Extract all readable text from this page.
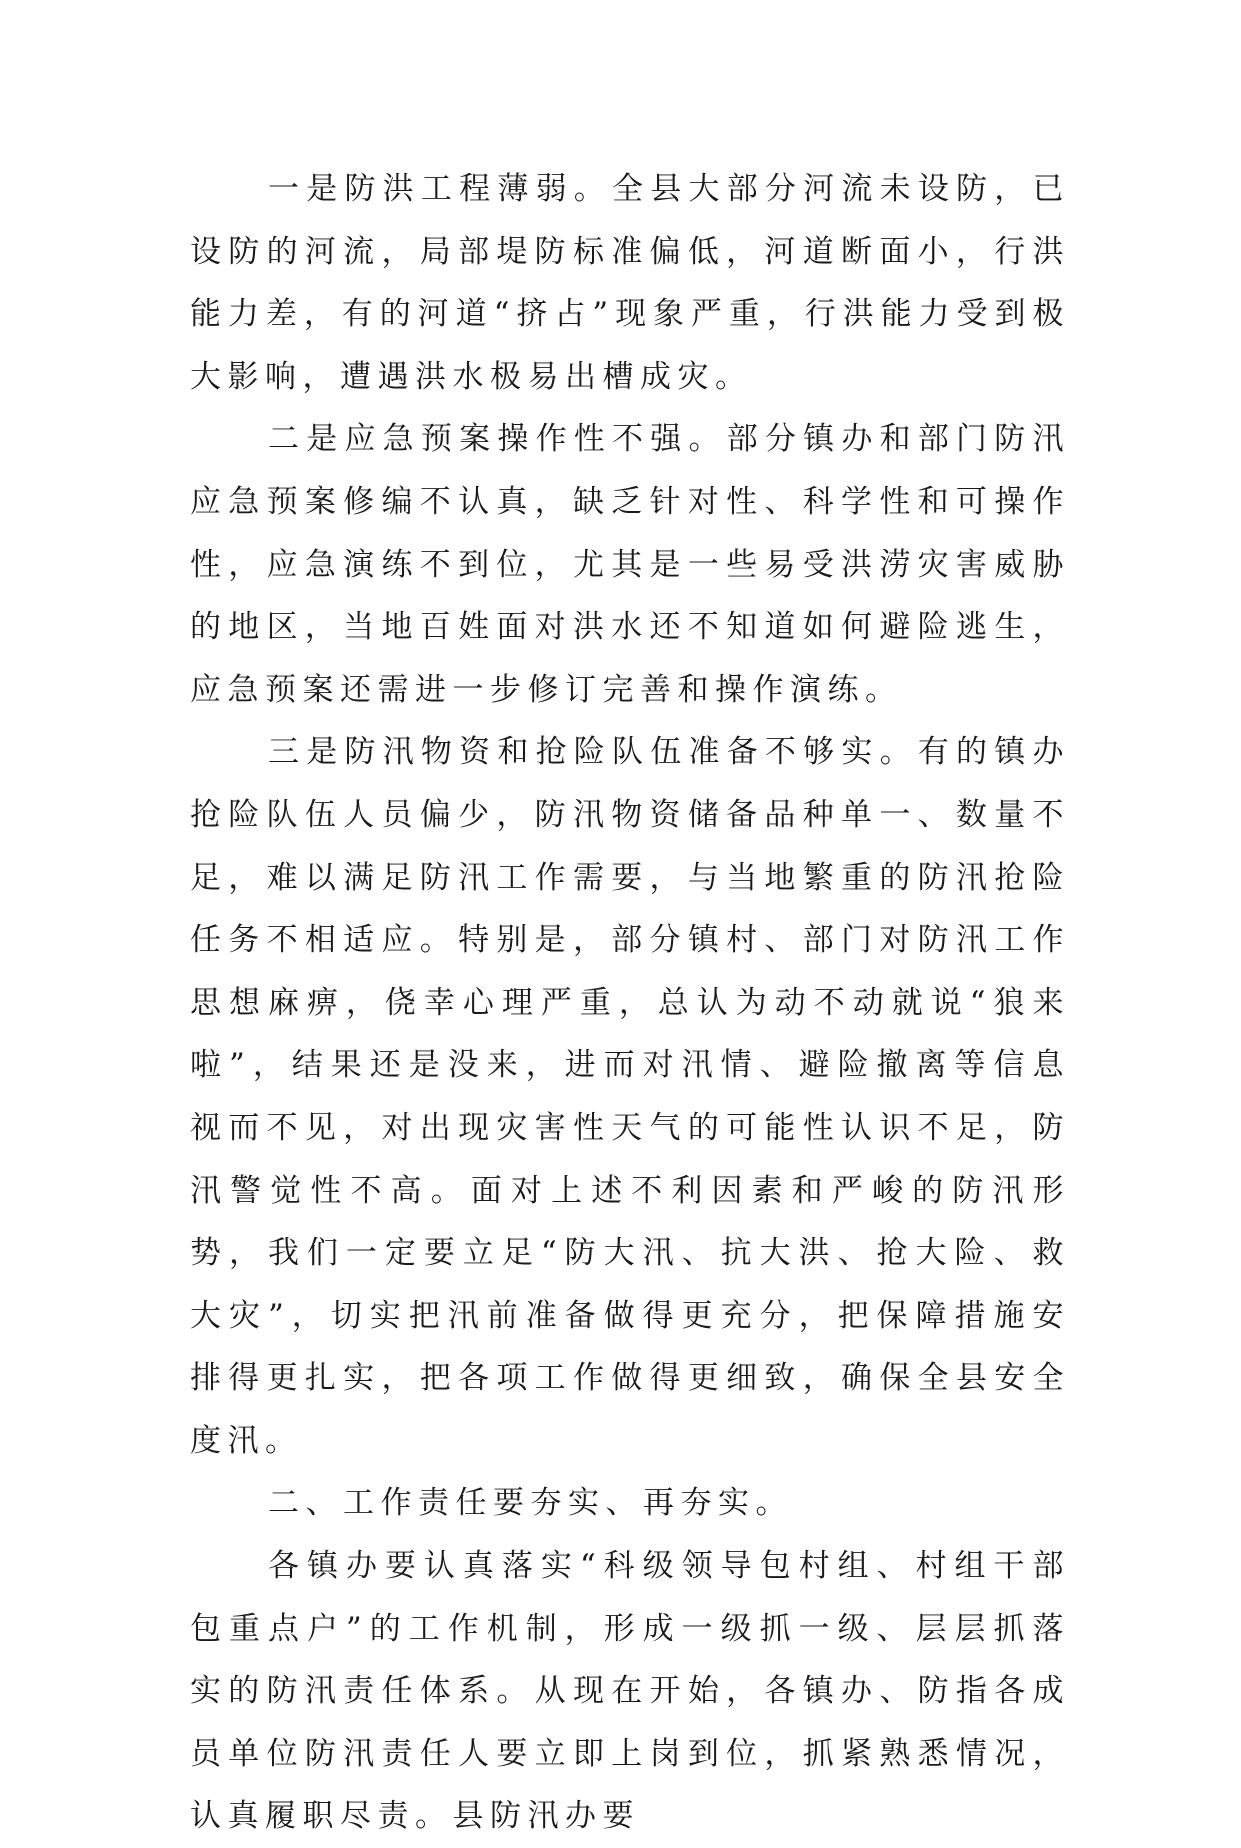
一是防洪工程薄弱。全县大部分河流未设防，已设防的河流，局部堤防标准偏低，河道断面小，行洪能力差，有的河道“挤占”现象严重，行洪能力受到极大影响，遭遇洪水极易出槽成灾。

二是应急预案操作性不强。部分镇办和部门防汛应急预案修编不认真，缺乏针对性、科学性和可操作性，应急演练不到位，尤其是一些易受洪涝灾害威胁的地区，当地百姓面对洪水还不知道如何避险逃生，应急预案还需进一步修订完善和操作演练。

三是防汛物资和抢险队伍准备不够实。有的镇办抢险队伍人员偏少，防汛物资储备品种单一、数量不足，难以满足防汛工作需要，与当地繁重的防汛抢险任务不相适应。特别是，部分镇村、部门对防汛工作思想麻痹，侥幸心理严重，总认为动不动就说“狼来啦”，结果还是没来，进而对汛情、避险撤离等信息视而不见，对出现灾害性天气的可能性认识不足，防汛警觉性不高。面对上述不利因素和严峻的防汛形势，我们一定要立足“防大汛、抗大洪、抢大险、救大灾”，切实把汛前准备做得更充分，把保障措施安排得更扎实，把各项工作做得更细致，确保全县安全度汛。

二、工作责任要夯实、再夯实。

各镇办要认真落实“科级领导包村组、村组干部包重点户”的工作机制，形成一级抓一级、层层抓落实的防汛责任体系。从现在开始，各镇办、防指各成员单位防汛责任人要立即上岗到位，抓紧熟悉情况，认真履职尽责。县防汛办要
